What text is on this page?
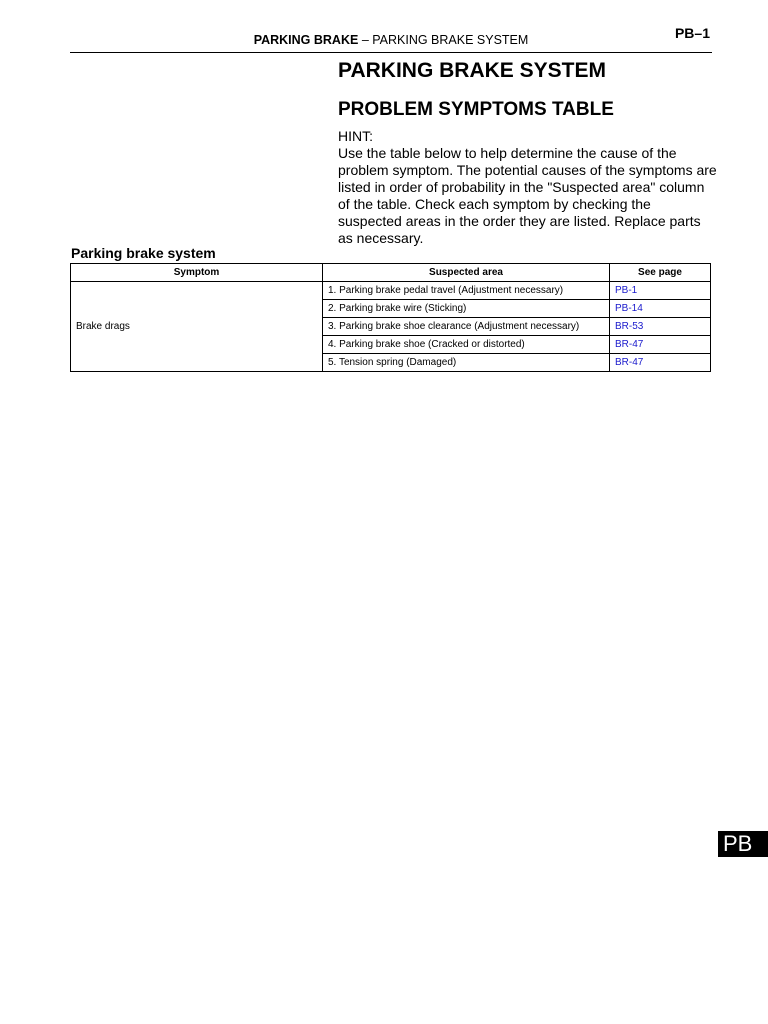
PARKING BRAKE – PARKING BRAKE SYSTEM	PB–1
PARKING BRAKE SYSTEM
PROBLEM SYMPTOMS TABLE
HINT:
Use the table below to help determine the cause of the problem symptom. The potential causes of the symptoms are listed in order of probability in the "Suspected area" column of the table. Check each symptom by checking the suspected areas in the order they are listed. Replace parts as necessary.
Parking brake system
Symptom	Suspected area	See page
Brake drags	1. Parking brake pedal travel (Adjustment necessary)	PB-1
	2. Parking brake wire (Sticking)	PB-14
	3. Parking brake shoe clearance (Adjustment necessary)	BR-53
	4. Parking brake shoe (Cracked or distorted)	BR-47
	5. Tension spring (Damaged)	BR-47
PB
